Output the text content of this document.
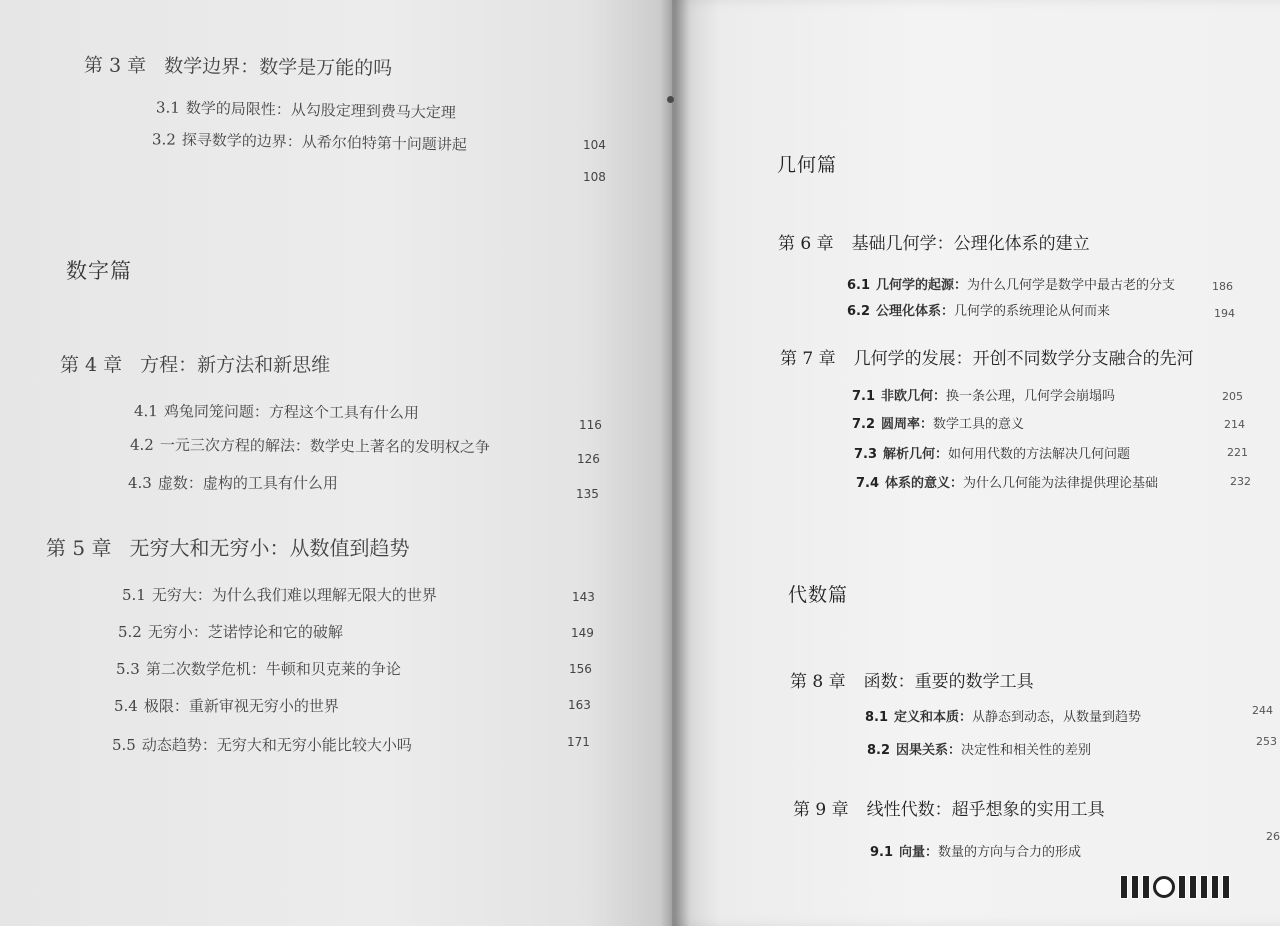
第 3 章 数学边界：数学是万能的吗
3.1 数学的局限性：从勾股定理到费马大定理
104
3.2 探寻数学的边界：从希尔伯特第十问题讲起
108
数字篇
第 4 章 方程：新方法和新思维
4.1 鸡兔同笼问题：方程这个工具有什么用
116
4.2 一元三次方程的解法：数学史上著名的发明权之争
126
4.3 虚数：虚构的工具有什么用
135
第 5 章 无穷大和无穷小：从数值到趋势
5.1 无穷大：为什么我们难以理解无限大的世界	143
5.2 无穷小：芝诺悖论和它的破解	149
5.3 第二次数学危机：牛顿和贝克莱的争论	156
5.4 极限：重新审视无穷小的世界	163
5.5 动态趋势：无穷大和无穷小能比较大小吗	171
几何篇
第 6 章 基础几何学：公理化体系的建立
6.1 几何学的起源：为什么几何学是数学中最古老的分支	186
6.2 公理化体系：几何学的系统理论从何而来	194
第 7 章 几何学的发展：开创不同数学分支融合的先河
7.1 非欧几何：换一条公理，几何学会崩塌吗	205
7.2 圆周率：数学工具的意义	214
7.3 解析几何：如何用代数的方法解决几何问题	221
7.4 体系的意义：为什么几何能为法律提供理论基础	232
代数篇
第 8 章 函数：重要的数学工具
8.1 定义和本质：从静态到动态，从数量到趋势	244
8.2 因果关系：决定性和相关性的差别
253
第 9 章 线性代数：超乎想象的实用工具
9.1 向量：数量的方向与合力的形成
26
